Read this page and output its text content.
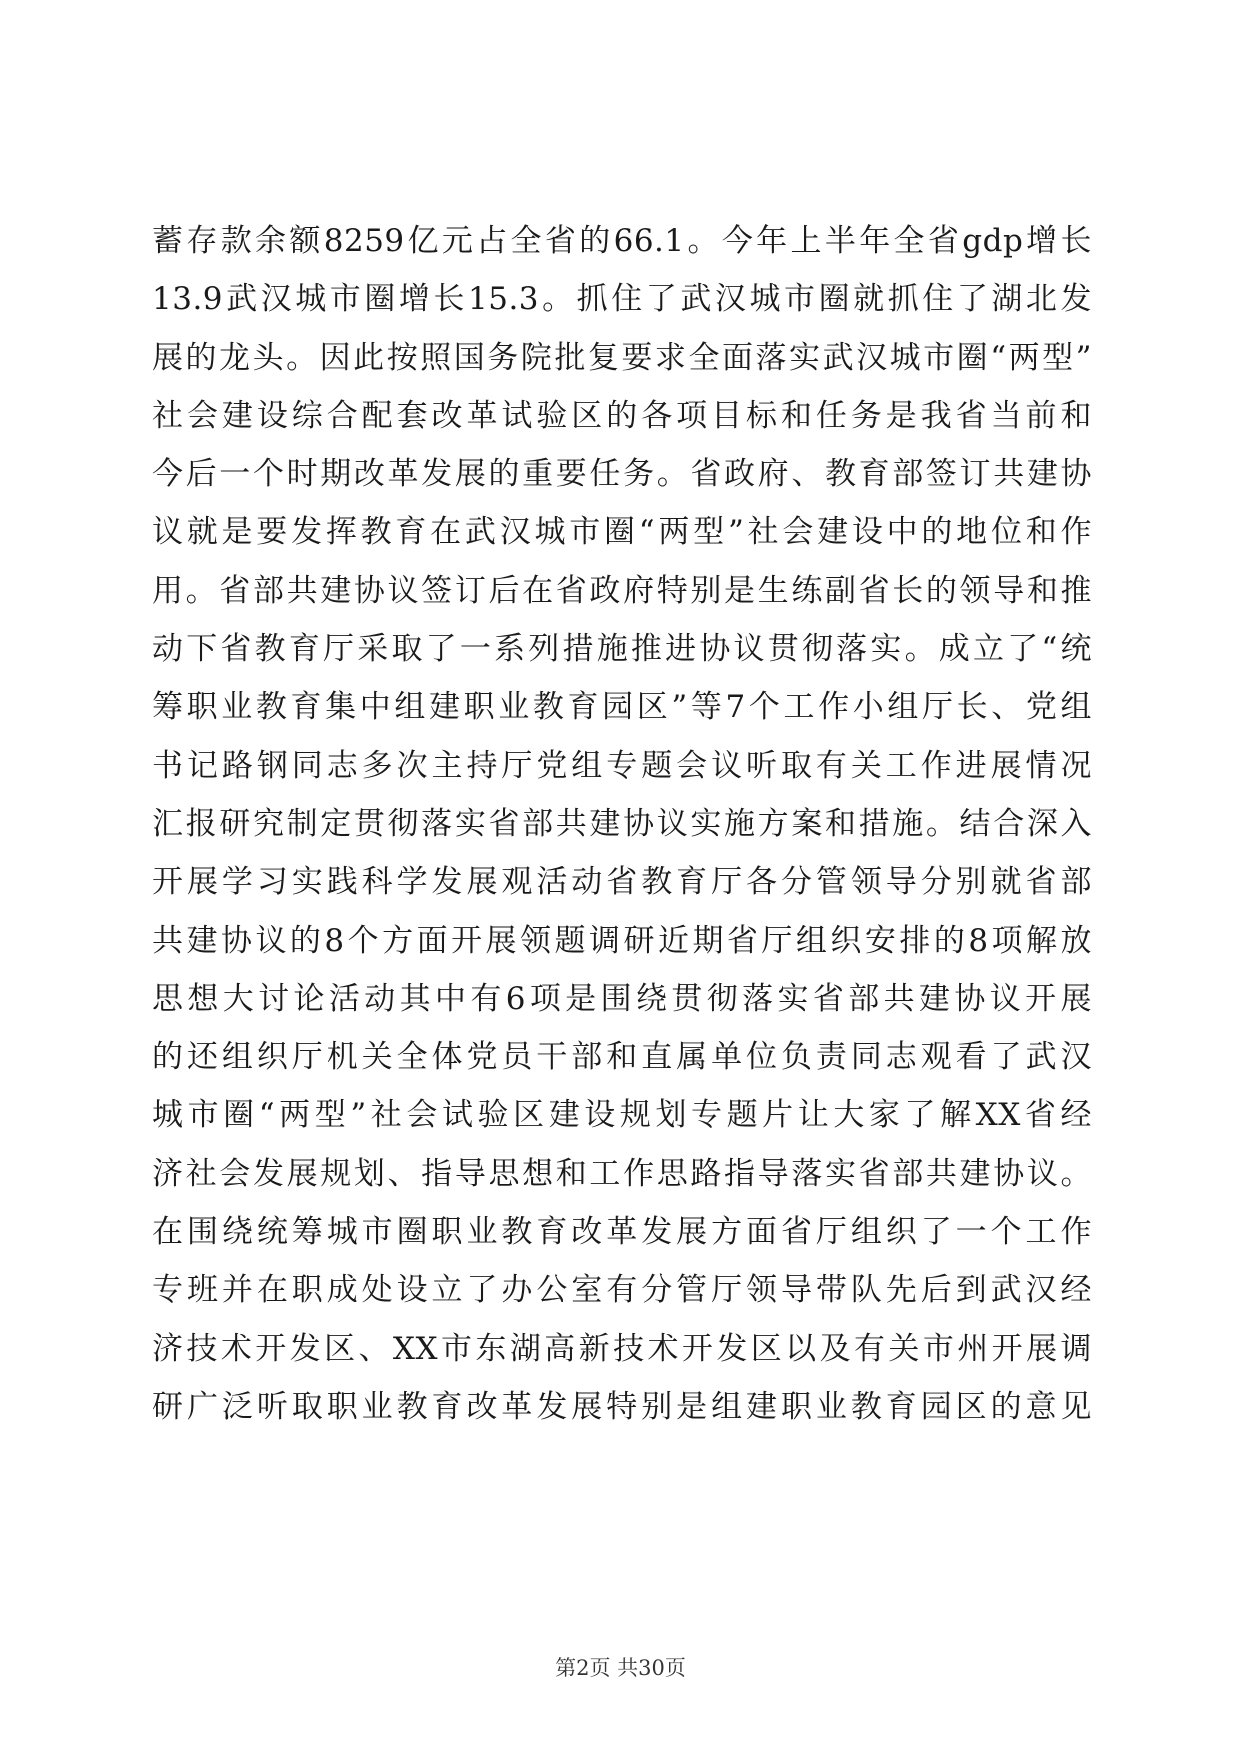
蓄存款余额8259亿元占全省的66.1。今年上半年全省gdp增长
13.9武汉城市圈增长15.3。抓住了武汉城市圈就抓住了湖北发
展的龙头。因此按照国务院批复要求全面落实武汉城市圈“两型”
社会建设综合配套改革试验区的各项目标和任务是我省当前和
今后一个时期改革发展的重要任务。省政府、教育部签订共建协
议就是要发挥教育在武汉城市圈“两型”社会建设中的地位和作
用。省部共建协议签订后在省政府特别是生练副省长的领导和推
动下省教育厅采取了一系列措施推进协议贯彻落实。成立了“统
筹职业教育集中组建职业教育园区”等7个工作小组厅长、党组
书记路钢同志多次主持厅党组专题会议听取有关工作进展情况
汇报研究制定贯彻落实省部共建协议实施方案和措施。结合深入
开展学习实践科学发展观活动省教育厅各分管领导分别就省部
共建协议的8个方面开展领题调研近期省厅组织安排的8项解放
思想大讨论活动其中有6项是围绕贯彻落实省部共建协议开展
的还组织厅机关全体党员干部和直属单位负责同志观看了武汉
城市圈“两型”社会试验区建设规划专题片让大家了解XX省经
济社会发展规划、指导思想和工作思路指导落实省部共建协议。
在围绕统筹城市圈职业教育改革发展方面省厅组织了一个工作
专班并在职成处设立了办公室有分管厅领导带队先后到武汉经
济技术开发区、XX市东湖高新技术开发区以及有关市州开展调
研广泛听取职业教育改革发展特别是组建职业教育园区的意见
第2页 共30页
